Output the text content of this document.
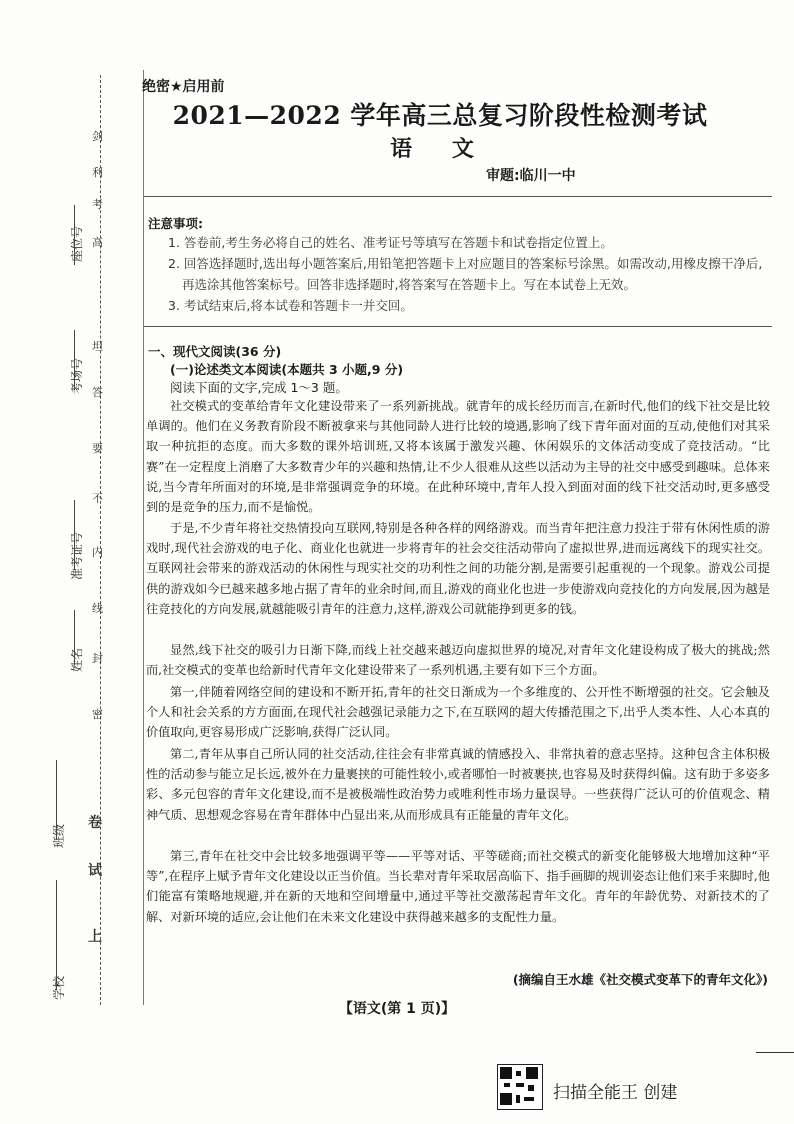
座位号
考场号
准考证号
姓名
班级
学校
剑
利
考
高
坦
答
要
不
内
线
封
密
卷
试
上
绝密★启用前
2021—2022 学年高三总复习阶段性检测考试
语 文
审题:临川一中
注意事项:
1. 答卷前,考生务必将自己的姓名、准考证号等填写在答题卡和试卷指定位置上。
2. 回答选择题时,选出每小题答案后,用铅笔把答题卡上对应题目的答案标号涂黑。如需改动,用橡皮擦干净后,再选涂其他答案标号。回答非选择题时,将答案写在答题卡上。写在本试卷上无效。
3. 考试结束后,将本试卷和答题卡一并交回。
一、现代文阅读(36 分)
(一)论述类文本阅读(本题共 3 小题,9 分)
阅读下面的文字,完成 1～3 题。
社交模式的变革给青年文化建设带来了一系列新挑战。就青年的成长经历而言,在新时代,他们的线下社交是比较单调的。他们在义务教育阶段不断被拿来与其他同龄人进行比较的境遇,影响了线下青年面对面的互动,使他们对其采取一种抗拒的态度。而大多数的课外培训班,又将本该属于激发兴趣、休闲娱乐的文体活动变成了竞技活动。“比赛”在一定程度上消磨了大多数青少年的兴趣和热情,让不少人很难从这些以活动为主导的社交中感受到趣味。总体来说,当今青年所面对的环境,是非常强调竞争的环境。在此种环境中,青年人投入到面对面的线下社交活动时,更多感受到的是竞争的压力,而不是愉悦。
于是,不少青年将社交热情投向互联网,特别是各种各样的网络游戏。而当青年把注意力投注于带有休闲性质的游戏时,现代社会游戏的电子化、商业化也就进一步将青年的社会交往活动带向了虚拟世界,进而远离线下的现实社交。互联网社会带来的游戏活动的休闲性与现实社交的功利性之间的功能分割,是需要引起重视的一个现象。游戏公司提供的游戏如今已越来越多地占据了青年的业余时间,而且,游戏的商业化也进一步使游戏向竞技化的方向发展,因为越是往竞技化的方向发展,就越能吸引青年的注意力,这样,游戏公司就能挣到更多的钱。
显然,线下社交的吸引力日渐下降,而线上社交越来越迈向虚拟世界的境况,对青年文化建设构成了极大的挑战;然而,社交模式的变革也给新时代青年文化建设带来了一系列机遇,主要有如下三个方面。
第一,伴随着网络空间的建设和不断开拓,青年的社交日渐成为一个多维度的、公开性不断增强的社交。它会触及个人和社会关系的方方面面,在现代社会越强记录能力之下,在互联网的超大传播范围之下,出乎人类本性、人心本真的价值取向,更容易形成广泛影响,获得广泛认同。
第二,青年从事自己所认同的社交活动,往往会有非常真诚的情感投入、非常执着的意志坚持。这种包含主体积极性的活动参与能立足长远,被外在力量裹挟的可能性较小,或者哪怕一时被裹挟,也容易及时获得纠偏。这有助于多姿多彩、多元包容的青年文化建设,而不是被极端性政治势力或唯利性市场力量误导。一些获得广泛认可的价值观念、精神气质、思想观念容易在青年群体中凸显出来,从而形成具有正能量的青年文化。
第三,青年在社交中会比较多地强调平等——平等对话、平等磋商;而社交模式的新变化能够极大地增加这种“平等”,在程序上赋予青年文化建设以正当价值。当长辈对青年采取居高临下、指手画脚的规训姿态让他们来手来脚时,他们能富有策略地规避,并在新的天地和空间增量中,通过平等社交激荡起青年文化。青年的年龄优势、对新技术的了解、对新环境的适应,会让他们在未来文化建设中获得越来越多的支配性力量。
(摘编自王水雄《社交模式变革下的青年文化》)
【语文(第 1 页)】
扫描全能王 创建
